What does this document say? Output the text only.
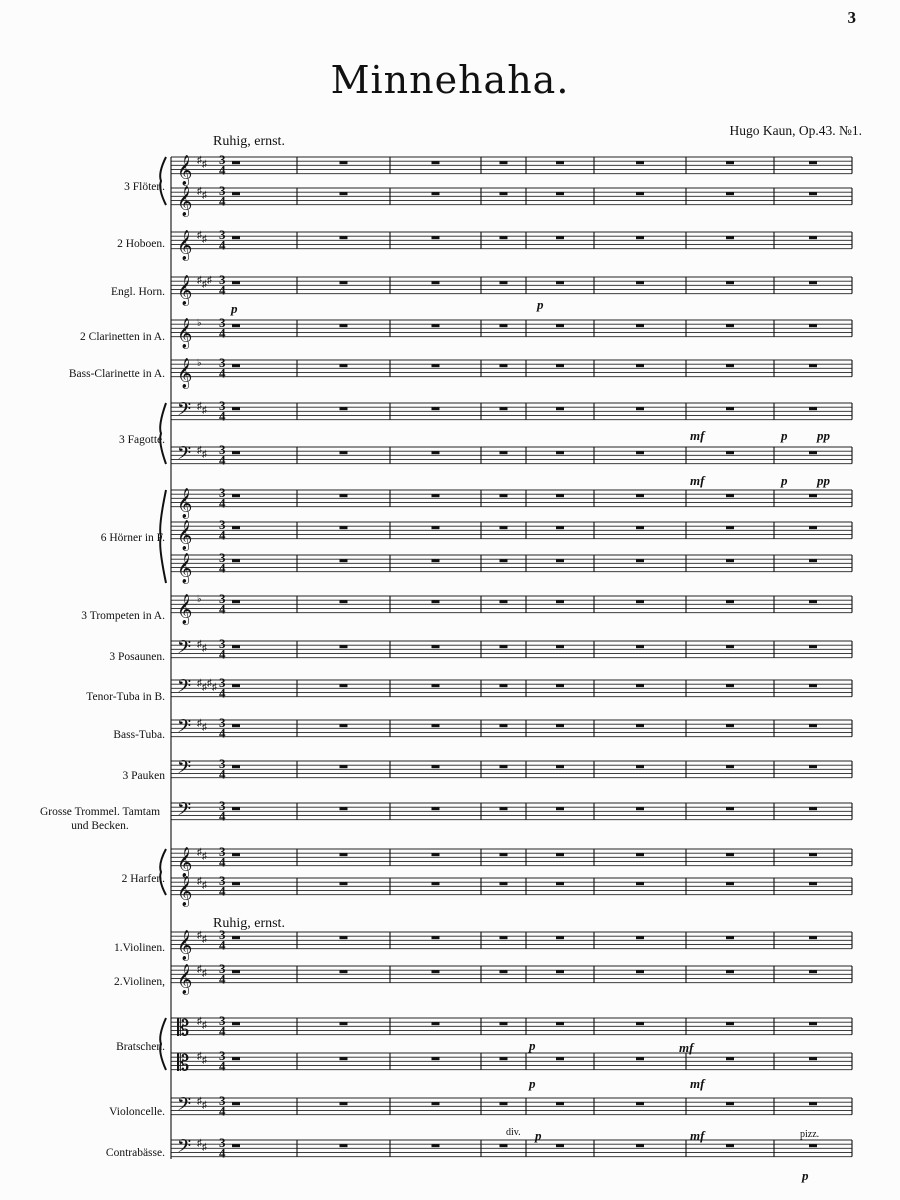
3
Minnehaha.
Hugo Kaun, Op.43. №1.
Ruhig, ernst.
Ruhig, ernst.
3 Flöten.
2 Hoboen.
Engl. Horn.
2 Clarinetten in A.
Bass-Clarinette in A.
3 Fagotte.
6 Hörner in F.
3 Trompeten in A.
3 Posaunen.
Tenor-Tuba in B.
Bass-Tuba.
3 Pauken
Grosse Trommel. Tamtam und Becken.
2 Harfen.
1.Violinen.
2.Violinen,
Bratschen.
Violoncelle.
Contrabässe.
𝄞 ♯ ♯ 3
4
𝄞 ♯ ♯ 3
4
𝄞 ♯ ♯ 3
4
𝄞 ♯ ♯ ♯ 3
4
𝄞 ♭ 3
4
𝄞 ♭ 3
4
𝄢 ♯ ♯ 3
4
𝄢 ♯ ♯ 3
4
𝄞 3
4
𝄞 3
4
𝄞 3
4
𝄞 ♭ 3
4
𝄢 ♯ ♯ 3
4
𝄢 ♯ ♯ ♯ ♯ 3
4
𝄢 ♯ ♯ 3
4
𝄢 3
4
𝄢 3
4
𝄞 ♯ ♯ 3
4
𝄞 ♯ ♯ 3
4
𝄞 ♯ ♯ 3
4
𝄞 ♯ ♯ 3
4
𝄡 ♯ ♯ 3
4
𝄡 ♯ ♯ 3
4
𝄢 ♯ ♯ 3
4
𝄢 ♯ ♯ 3
4
p	p
mf	p pp
mf	p pp
p	mf
p	mf
p	mf
p
div.	pizz.
